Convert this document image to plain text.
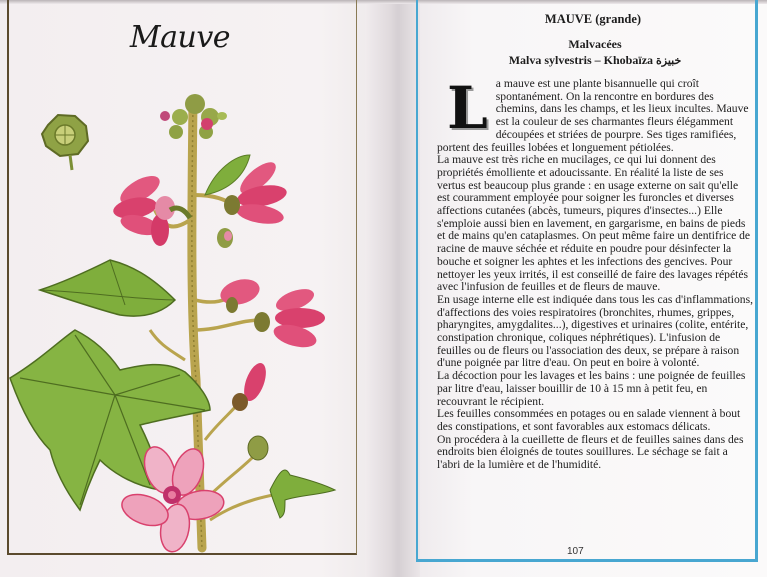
Mauve
MAUVE (grande)
Malvacées
Malva sylvestris – Khobaïza خبيزة

L a mauve est une plante bisannuelle qui croît spontanément. On la rencontre en bordures des chemins, dans les champs, et les lieux incultes. Mauve est la couleur de ses charmantes fleurs élégamment découpées et striées de pourpre. Ses tiges ramifiées, portent des feuilles lobées et longuement pétiolées.

La mauve est très riche en mucilages, ce qui lui donnent des propriétés émolliente et adoucissante. En réalité la liste de ses vertus est beaucoup plus grande : en usage externe on sait qu'elle est couramment employée pour soigner les furoncles et diverses affections cutanées (abcès, tumeurs, piqures d'insectes...) Elle s'emploie aussi bien en lavement, en gargarisme, en bains de pieds et de mains qu'en cataplasmes. On peut même faire un dentifrice de racine de mauve séchée et réduite en poudre pour désinfecter la bouche et soigner les aphtes et les infections des gencives. Pour nettoyer les yeux irrités, il est conseillé de faire des lavages répétés avec l'infusion de feuilles et de fleurs de mauve.

En usage interne elle est indiquée dans tous les cas d'inflammations, d'affections des voies respiratoires (bronchites, rhumes, grippes, pharyngites, amygdalites...), digestives et urinaires (colite, entérite, constipation chronique, coliques néphrétiques). L'infusion de feuilles ou de fleurs ou l'association des deux, se prépare à raison d'une poignée par litre d'eau. On peut en boire à volonté.

La décoction pour les lavages et les bains : une poignée de feuilles par litre d'eau, laisser bouillir de 10 à 15 mn à petit feu, en recouvrant le récipient.

Les feuilles consommées en potages ou en salade viennent à bout des constipations, et sont favorables aux estomacs délicats.

On procédera à la cueillette de fleurs et de feuilles saines dans des endroits bien éloignés de toutes souillures. Le séchage se fait a l'abri de la lumière et de l'humidité.

107
